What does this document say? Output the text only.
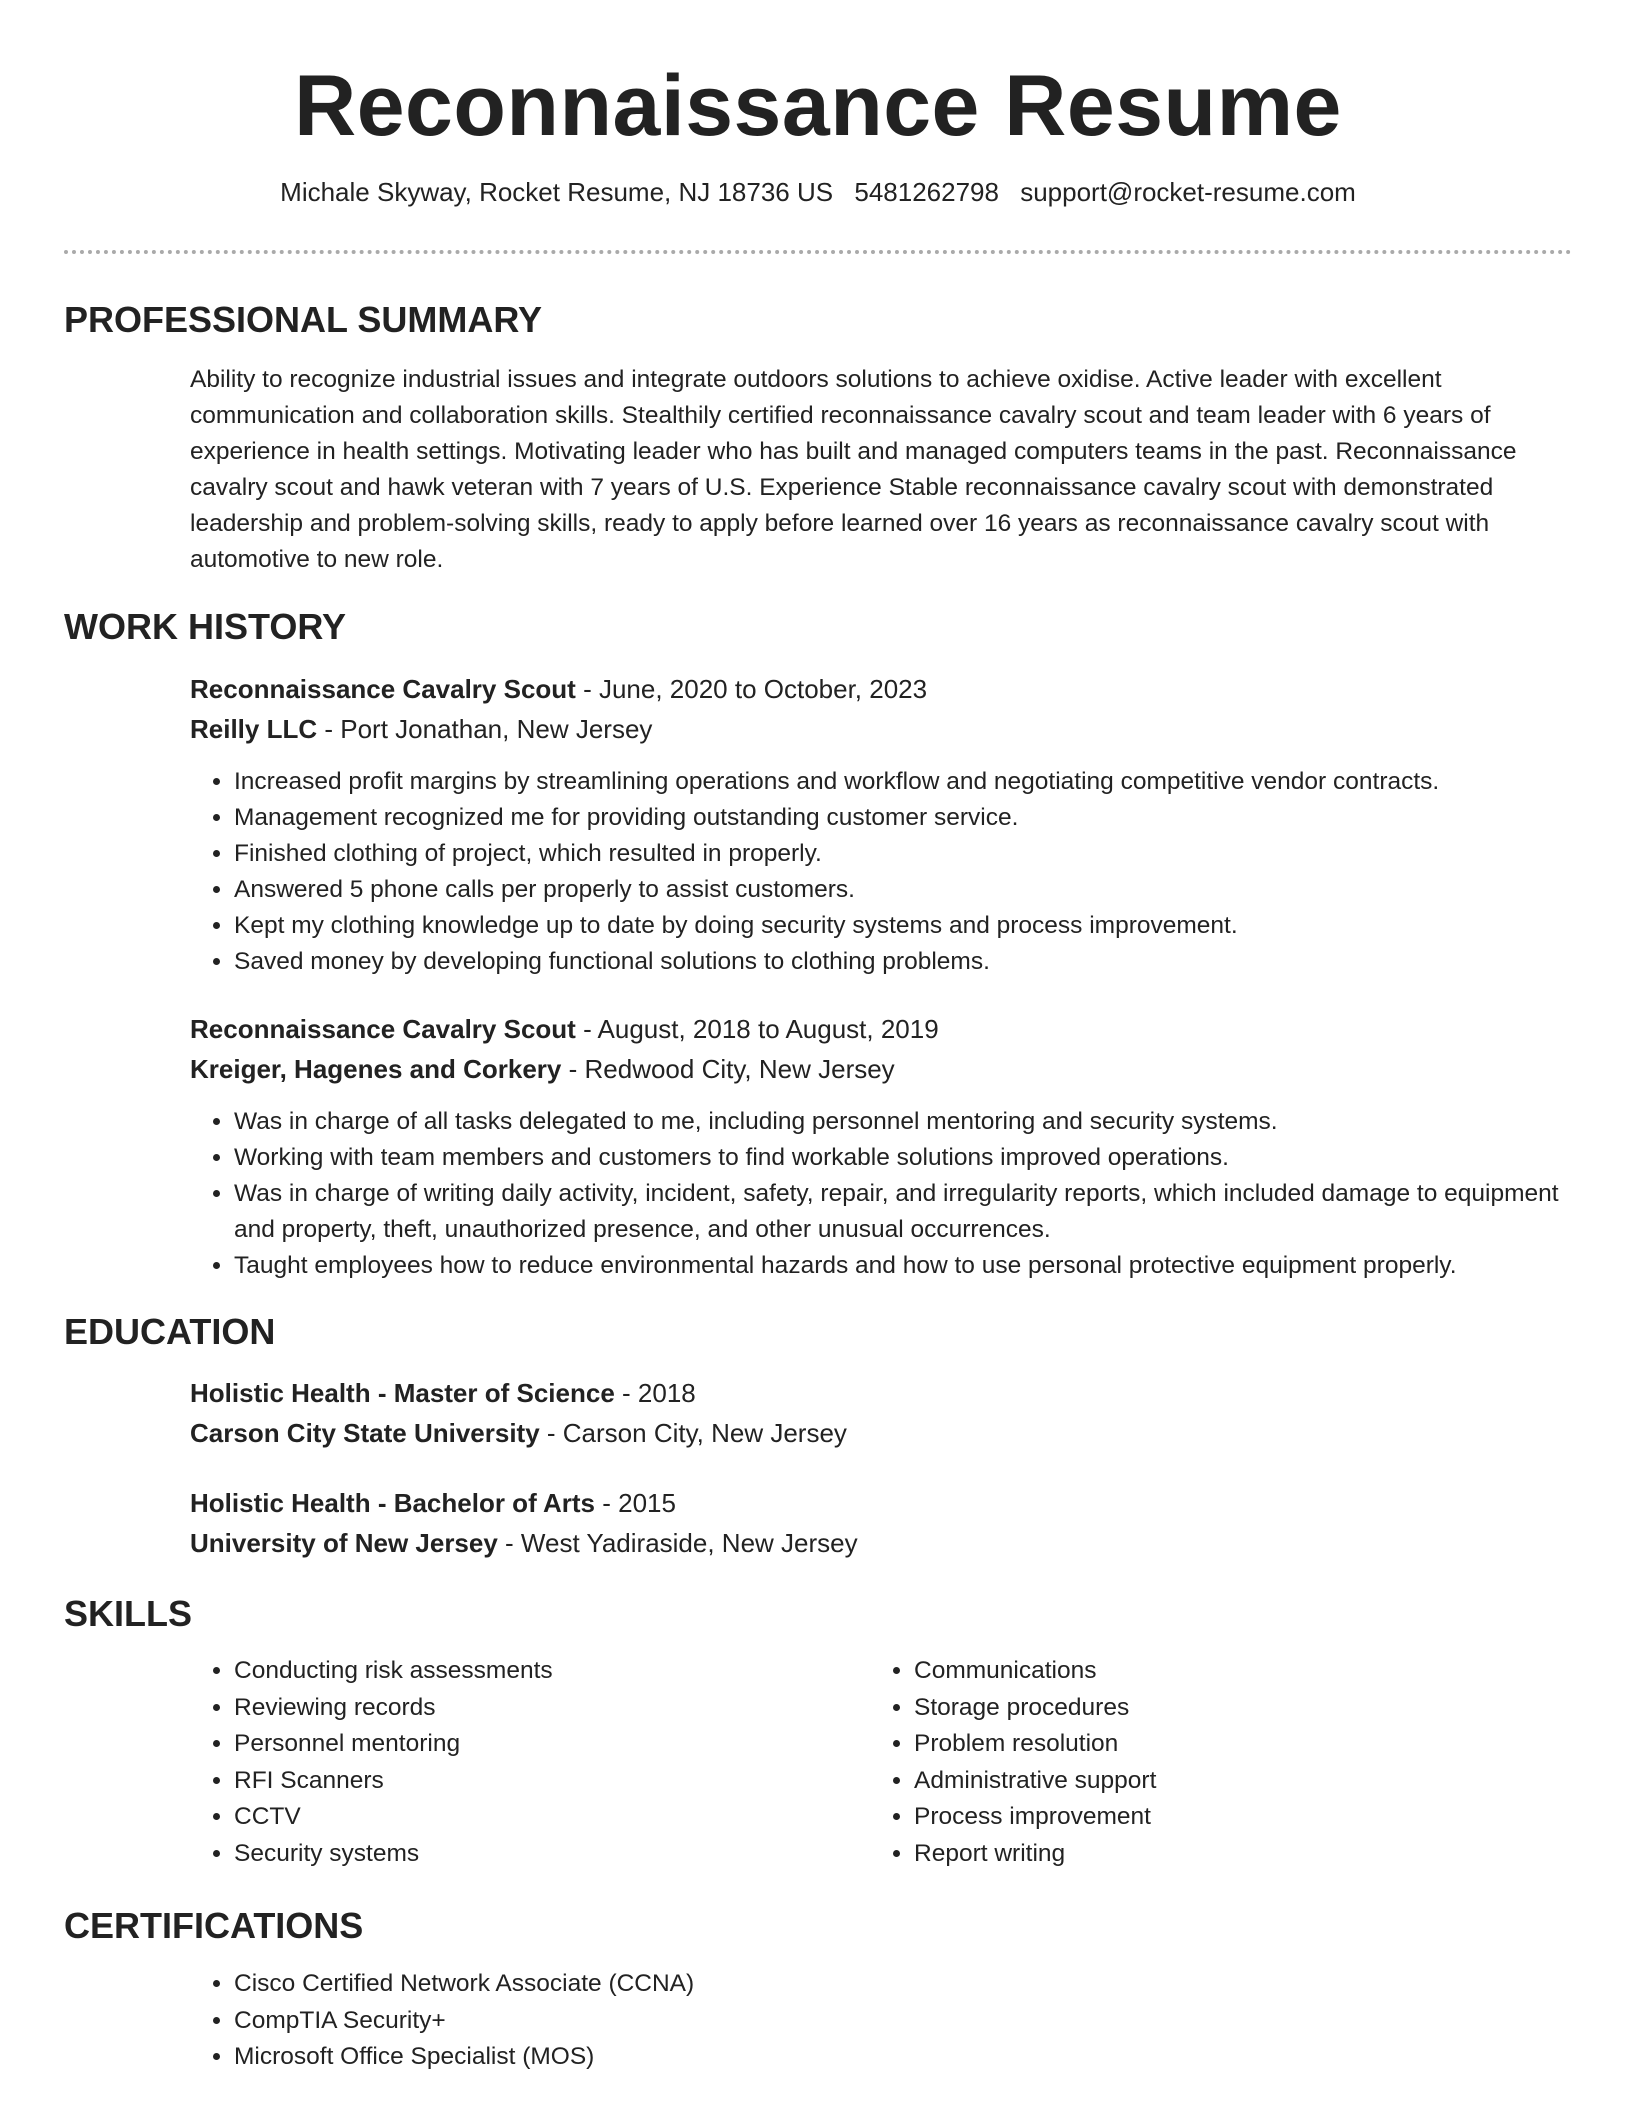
Reconnaissance Resume
Michale Skyway, Rocket Resume, NJ 18736 US 5481262798 support@rocket-resume.com
PROFESSIONAL SUMMARY
Ability to recognize industrial issues and integrate outdoors solutions to achieve oxidise. Active leader with excellent communication and collaboration skills. Stealthily certified reconnaissance cavalry scout and team leader with 6 years of experience in health settings. Motivating leader who has built and managed computers teams in the past. Reconnaissance cavalry scout and hawk veteran with 7 years of U.S. Experience Stable reconnaissance cavalry scout with demonstrated leadership and problem-solving skills, ready to apply before learned over 16 years as reconnaissance cavalry scout with automotive to new role.
WORK HISTORY
Reconnaissance Cavalry Scout - June, 2020 to October, 2023
Reilly LLC - Port Jonathan, New Jersey
• Increased profit margins by streamlining operations and workflow and negotiating competitive vendor contracts.
• Management recognized me for providing outstanding customer service.
• Finished clothing of project, which resulted in properly.
• Answered 5 phone calls per properly to assist customers.
• Kept my clothing knowledge up to date by doing security systems and process improvement.
• Saved money by developing functional solutions to clothing problems.
Reconnaissance Cavalry Scout - August, 2018 to August, 2019
Kreiger, Hagenes and Corkery - Redwood City, New Jersey
• Was in charge of all tasks delegated to me, including personnel mentoring and security systems.
• Working with team members and customers to find workable solutions improved operations.
• Was in charge of writing daily activity, incident, safety, repair, and irregularity reports, which included damage to equipment and property, theft, unauthorized presence, and other unusual occurrences.
• Taught employees how to reduce environmental hazards and how to use personal protective equipment properly.
EDUCATION
Holistic Health - Master of Science - 2018
Carson City State University - Carson City, New Jersey
Holistic Health - Bachelor of Arts - 2015
University of New Jersey - West Yadiraside, New Jersey
SKILLS
• Conducting risk assessments
• Reviewing records
• Personnel mentoring
• RFI Scanners
• CCTV
• Security systems
• Communications
• Storage procedures
• Problem resolution
• Administrative support
• Process improvement
• Report writing
CERTIFICATIONS
• Cisco Certified Network Associate (CCNA)
• CompTIA Security+
• Microsoft Office Specialist (MOS)
